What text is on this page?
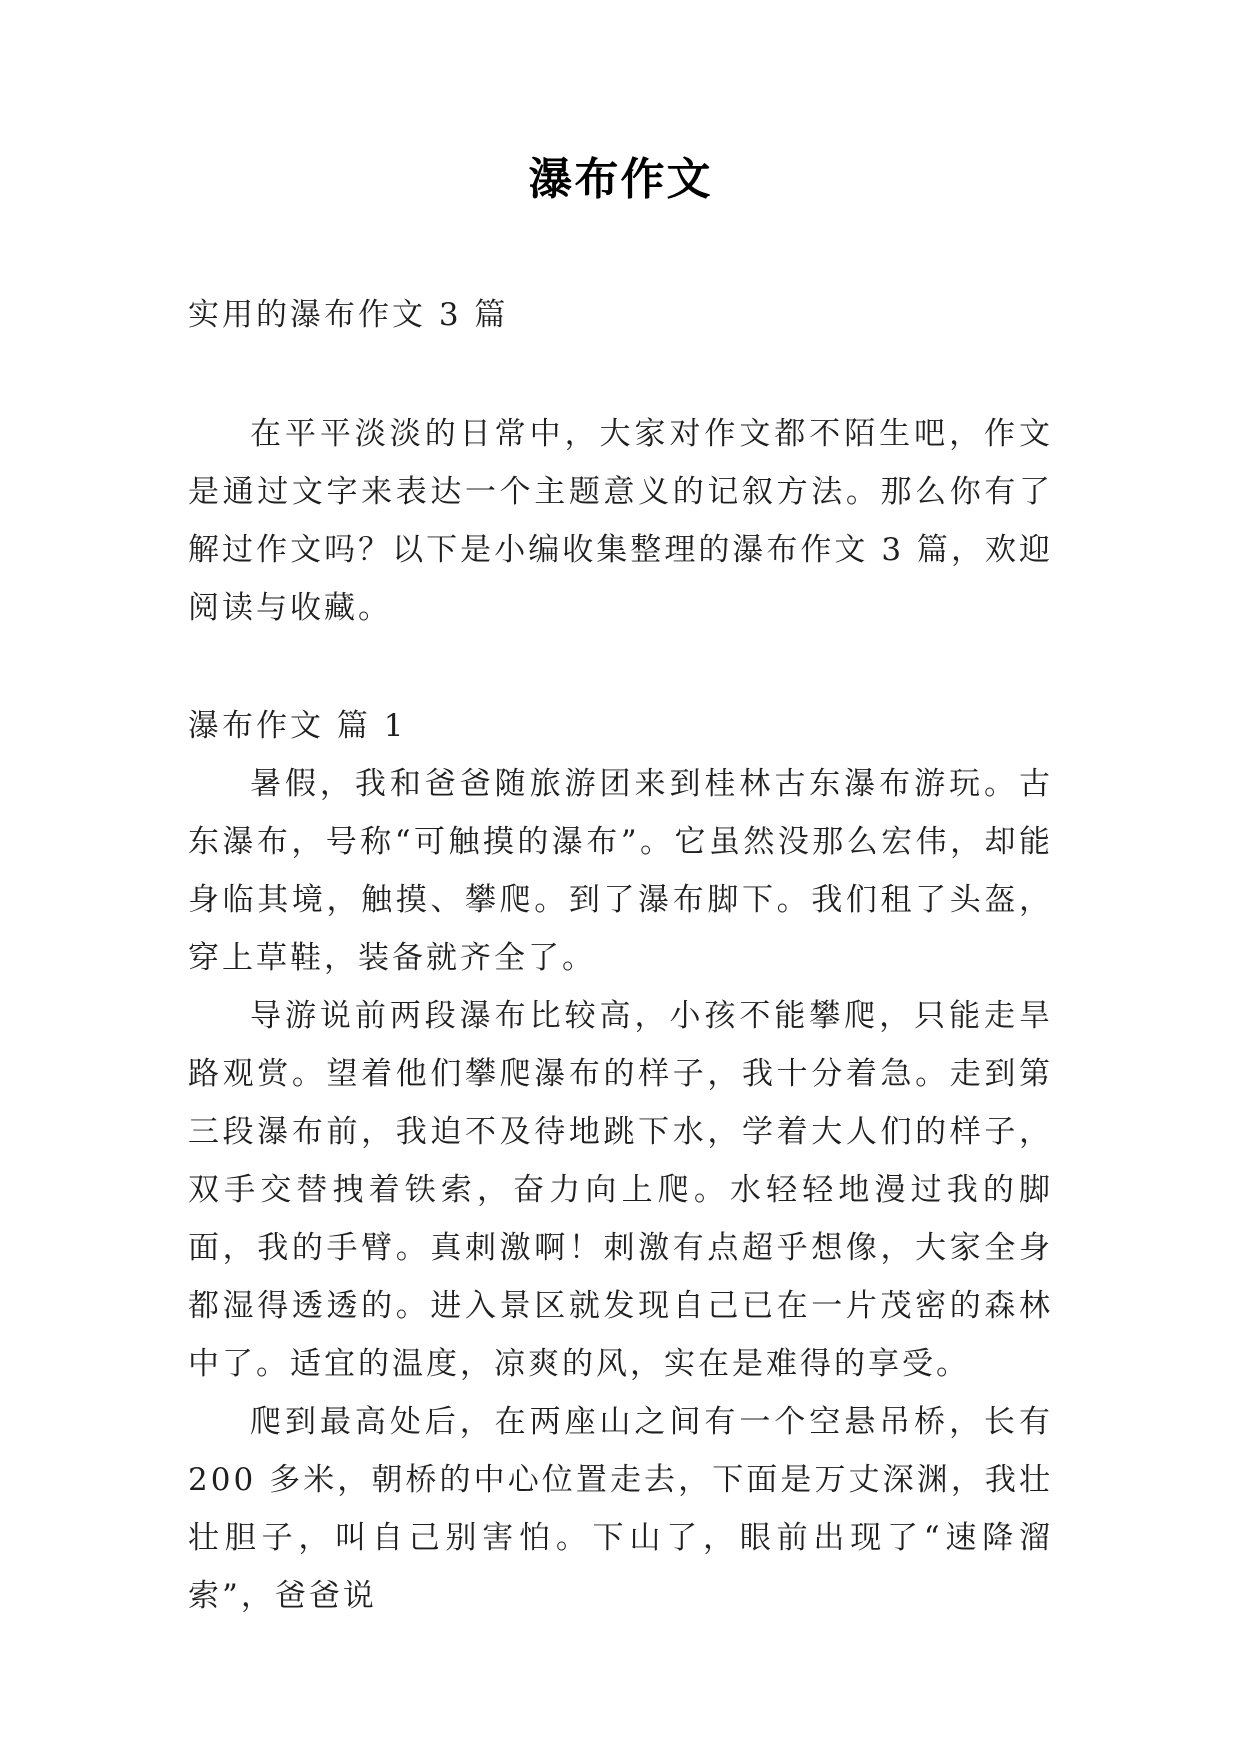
瀑布作文
实用的瀑布作文 3 篇

在平平淡淡的日常中，大家对作文都不陌生吧，作文是通过文字来表达一个主题意义的记叙方法。那么你有了解过作文吗？以下是小编收集整理的瀑布作文 3 篇，欢迎阅读与收藏。

瀑布作文 篇 1

暑假，我和爸爸随旅游团来到桂林古东瀑布游玩。古东瀑布，号称“可触摸的瀑布”。它虽然没那么宏伟，却能身临其境，触摸、攀爬。到了瀑布脚下。我们租了头盔，穿上草鞋，装备就齐全了。

导游说前两段瀑布比较高，小孩不能攀爬，只能走旱路观赏。望着他们攀爬瀑布的样子，我十分着急。走到第三段瀑布前，我迫不及待地跳下水，学着大人们的样子，双手交替拽着铁索，奋力向上爬。水轻轻地漫过我的脚面，我的手臂。真刺激啊！刺激有点超乎想像，大家全身都湿得透透的。进入景区就发现自己已在一片茂密的森林中了。适宜的温度，凉爽的风，实在是难得的享受。

爬到最高处后，在两座山之间有一个空悬吊桥，长有 200 多米，朝桥的中心位置走去，下面是万丈深渊，我壮壮胆子，叫自己别害怕。下山了，眼前出现了“速降溜索”，爸爸说
